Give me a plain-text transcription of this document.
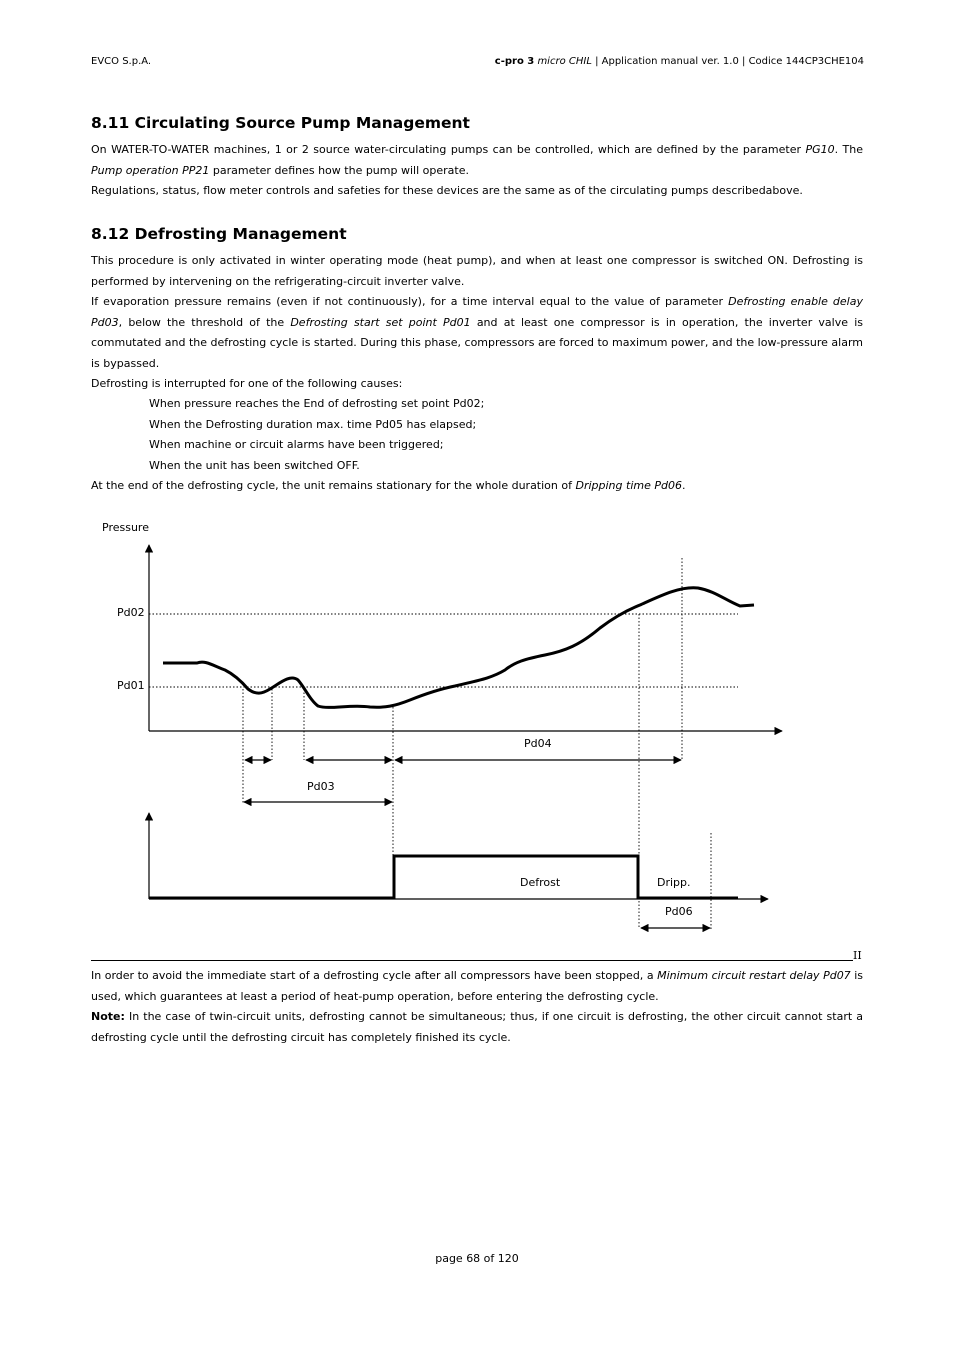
EVCO S.p.A.	c-pro 3 micro CHIL | Application manual ver. 1.0 | Codice 144CP3CHE104
8.11 Circulating Source Pump Management

On WATER-TO-WATER machines, 1 or 2 source water-circulating pumps can be controlled, which are defined by the parameter PG10. The Pump operation PP21 parameter defines how the pump will operate.

Regulations, status, flow meter controls and safeties for these devices are the same as of the circulating pumps describedabove.

8.12 Defrosting Management

This procedure is only activated in winter operating mode (heat pump), and when at least one compressor is switched ON. Defrosting is performed by intervening on the refrigerating-circuit inverter valve.

If evaporation pressure remains (even if not continuously), for a time interval equal to the value of parameter Defrosting enable delay Pd03, below the threshold of the Defrosting start set point Pd01 and at least one compressor is in operation, the inverter valve is commutated and the defrosting cycle is started. During this phase, compressors are forced to maximum power, and the low-pressure alarm is bypassed.

Defrosting is interrupted for one of the following causes:

When pressure reaches the End of defrosting set point Pd02;
When the Defrosting duration max. time Pd05 has elapsed;
When machine or circuit alarms have been triggered;
When the unit has been switched OFF.

At the end of the defrosting cycle, the unit remains stationary for the whole duration of Dripping time Pd06.

In order to avoid the immediate start of a defrosting cycle after all compressors have been stopped, a Minimum circuit restart delay Pd07 is used, which guarantees at least a period of heat-pump operation, before entering the defrosting cycle.

Note: In the case of twin-circuit units, defrosting cannot be simultaneous; thus, if one circuit is defrosting, the other circuit cannot start a defrosting cycle until the defrosting circuit has completely finished its cycle.

Pressure
Pd02
Pd01
Pd04
Pd03
Defrost	Dripp.
Pd06
II
page 68 of 120
